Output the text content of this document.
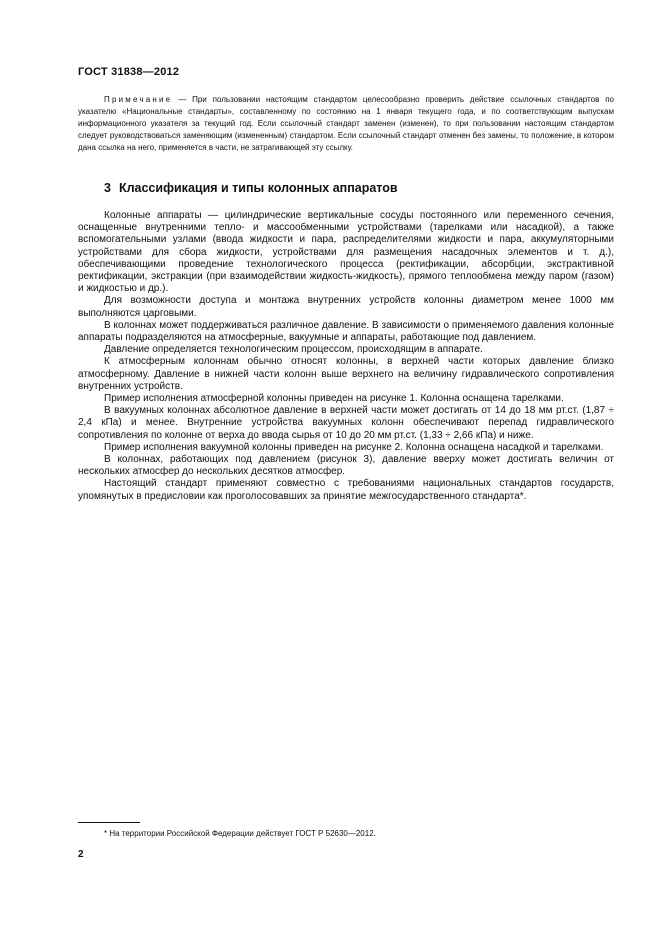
ГОСТ 31838—2012

Примечание — При пользовании настоящим стандартом целесообразно проверить действие ссылочных стандартов по указателю «Национальные стандарты», составленному по состоянию на 1 января текущего года, и по соответствующим выпускам информационного указателя за текущий год. Если ссылочный стандарт заменен (изменен), то при пользовании настоящим стандартом следует руководствоваться заменяющим (измененным) стандартом. Если ссылочный стандарт отменен без замены, то положение, в котором дана ссылка на него, применяется в части, не затрагивающей эту ссылку.

3 Классификация и типы колонных аппаратов

Колонные аппараты — цилиндрические вертикальные сосуды постоянного или переменного сечения, оснащенные внутренними тепло- и массообменными устройствами (тарелками или насадкой), а также вспомогательными узлами (ввода жидкости и пара, распределителями жидкости и пара, аккумуляторными устройствами для сбора жидкости, устройствами для размещения насадочных элементов и т. д.), обеспечивающими проведение технологического процесса (ректификации, абсорбции, экстрактивной ректификации, экстракции (при взаимодействии жидкость-жидкость), прямого теплообмена между паром (газом) и жидкостью и др.).

Для возможности доступа и монтажа внутренних устройств колонны диаметром менее 1000 мм выполняются царговыми.

В колоннах может поддерживаться различное давление. В зависимости о применяемого давления колонные аппараты подразделяются на атмосферные, вакуумные и аппараты, работающие под давлением.

Давление определяется технологическим процессом, происходящим в аппарате.

К атмосферным колоннам обычно относят колонны, в верхней части которых давление близко атмосферному. Давление в нижней части колонн выше верхнего на величину гидравлического сопротивления внутренних устройств.

Пример исполнения атмосферной колонны приведен на рисунке 1. Колонна оснащена тарелками.

В вакуумных колоннах абсолютное давление в верхней части может достигать от 14 до 18 мм рт.ст. (1,87 ÷ 2,4 кПа) и менее. Внутренние устройства вакуумных колонн обеспечивают перепад гидравлического сопротивления по колонне от верха до ввода сырья от 10 до 20 мм рт.ст. (1,33 ÷ 2,66 кПа) и ниже.

Пример исполнения вакуумной колонны приведен на рисунке 2. Колонна оснащена насадкой и тарелками.

В колоннах, работающих под давлением (рисунок 3), давление вверху может достигать величин от нескольких атмосфер до нескольких десятков атмосфер.

Настоящий стандарт применяют совместно с требованиями национальных стандартов государств, упомянутых в предисловии как проголосовавших за принятие межгосударственного стандарта*.

* На территории Российской Федерации действует ГОСТ Р 52630—2012.
2
